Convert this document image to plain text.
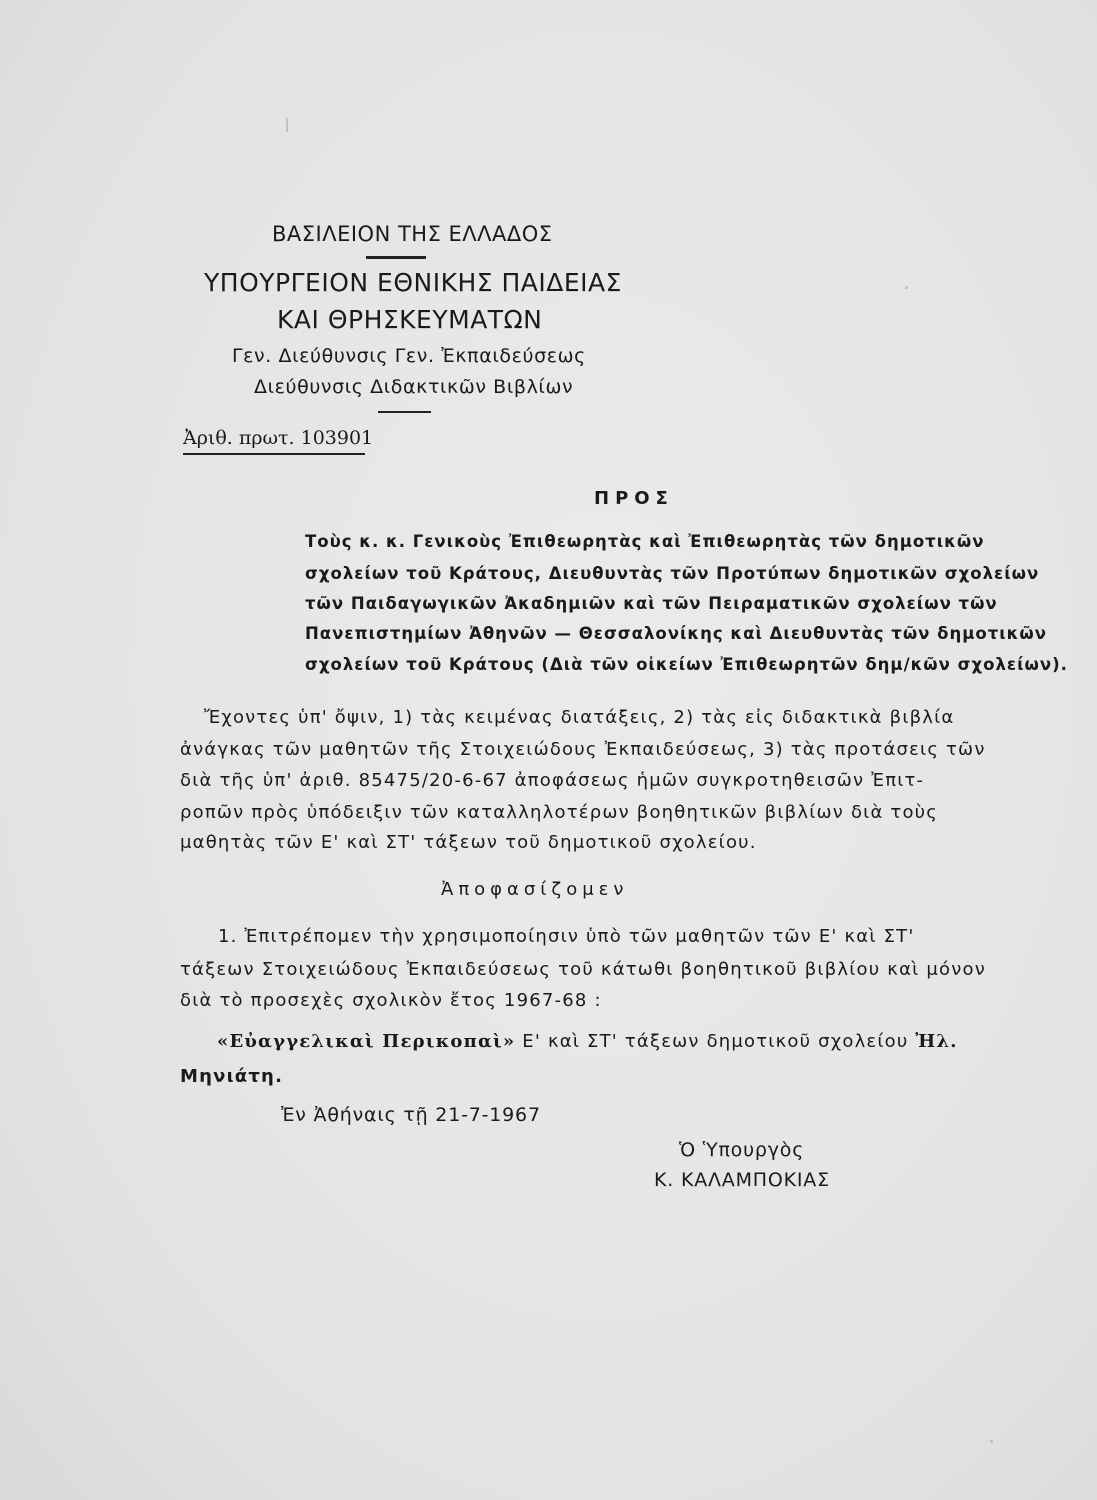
ΒΑΣΙΛΕΙΟΝ ΤΗΣ ΕΛΛΑΔΟΣ
ΥΠΟΥΡΓΕΙΟΝ ΕΘΝΙΚΗΣ ΠΑΙΔΕΙΑΣ
ΚΑΙ ΘΡΗΣΚΕΥΜΑΤΩΝ
Γεν. Διεύθυνσις Γεν. Ἐκπαιδεύσεως
Διεύθυνσις Διδακτικῶν Βιβλίων
Ἀριθ. πρωτ. 103901
ΠΡΟΣ
Τοὺς κ. κ. Γενικοὺς Ἐπιθεωρητὰς καὶ Ἐπιθεωρητὰς τῶν δημοτικῶν
σχολείων τοῦ Κράτους, Διευθυντὰς τῶν Προτύπων δημοτικῶν σχολείων
τῶν Παιδαγωγικῶν Ἀκαδημιῶν καὶ τῶν Πειραματικῶν σχολείων τῶν
Πανεπιστημίων Ἀθηνῶν — Θεσσαλονίκης καὶ Διευθυντὰς τῶν δημοτικῶν
σχολείων τοῦ Κράτους (Διὰ τῶν οἰκείων Ἐπιθεωρητῶν δημ/κῶν σχολείων).
Ἔχοντες ὑπ' ὄψιν, 1) τὰς κειμένας διατάξεις, 2) τὰς εἰς διδακτικὰ βιβλία
ἀνάγκας τῶν μαθητῶν τῆς Στοιχειώδους Ἐκπαιδεύσεως, 3) τὰς προτάσεις τῶν
διὰ τῆς ὑπ' ἀριθ. 85475/20-6-67 ἀποφάσεως ἡμῶν συγκροτηθεισῶν Ἐπιτ-
ροπῶν πρὸς ὑπόδειξιν τῶν καταλληλοτέρων βοηθητικῶν βιβλίων διὰ τοὺς
μαθητὰς τῶν Ε' καὶ ΣΤ' τάξεων τοῦ δημοτικοῦ σχολείου.
Ἀποφασίζομεν
1. Ἐπιτρέπομεν τὴν χρησιμοποίησιν ὑπὸ τῶν μαθητῶν τῶν Ε' καὶ ΣΤ'
τάξεων Στοιχειώδους Ἐκπαιδεύσεως τοῦ κάτωθι βοηθητικοῦ βιβλίου καὶ μόνον
διὰ τὸ προσεχὲς σχολικὸν ἔτος 1967-68 :
«Εὐαγγελικαὶ Περικοπαὶ» Ε' καὶ ΣΤ' τάξεων δημοτικοῦ σχολείου Ἠλ.
Μηνιάτη.
Ἐν Ἀθήναις τῇ 21-7-1967
Ὁ Ὑπουργὸς
Κ. ΚΑΛΑΜΠΟΚΙΑΣ
